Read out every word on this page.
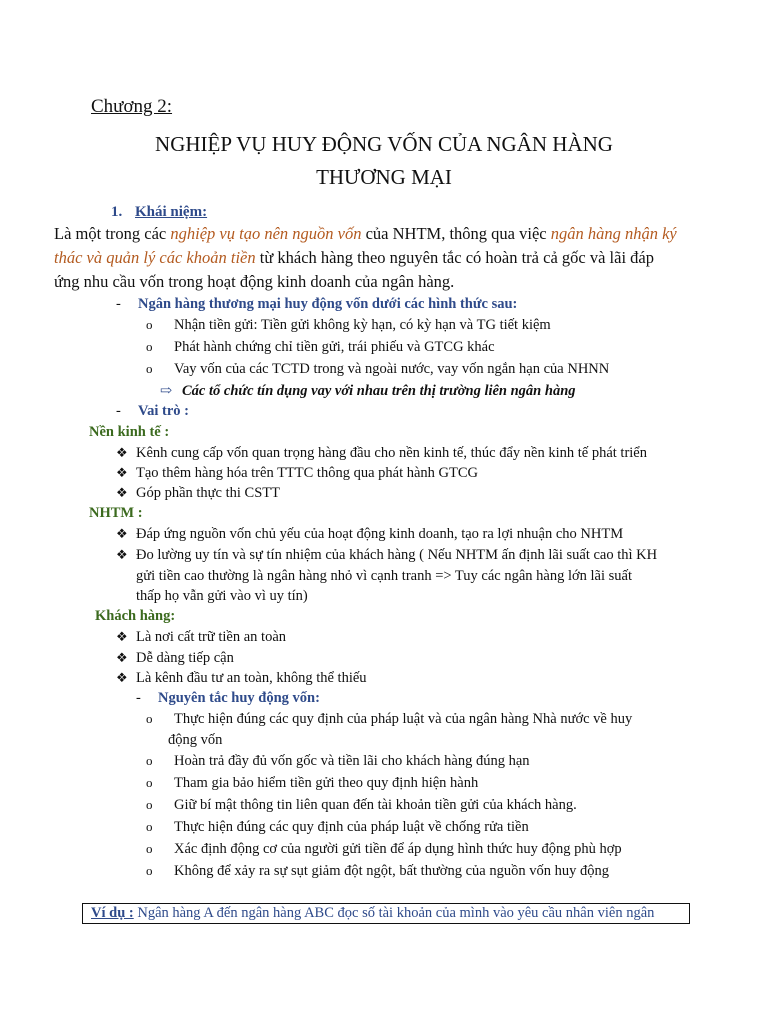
Chương 2:
NGHIỆP VỤ HUY ĐỘNG VỐN CỦA NGÂN HÀNG
THƯƠNG MẠI
1. Khái niệm:
Là một trong các nghiệp vụ tạo nên nguồn vốn của NHTM, thông qua việc ngân hàng nhận ký
thác và quản lý các khoản tiền từ khách hàng theo nguyên tắc có hoàn trả cả gốc và lãi đáp
ứng nhu cầu vốn trong hoạt động kinh doanh của ngân hàng.
- Ngân hàng thương mại huy động vốn dưới các hình thức sau:
o Nhận tiền gửi: Tiền gửi không kỳ hạn, có kỳ hạn và TG tiết kiệm
o Phát hành chứng chỉ tiền gửi, trái phiếu và GTCG khác
o Vay vốn của các TCTD trong và ngoài nước, vay vốn ngắn hạn của NHNN
⇨ Các tổ chức tín dụng vay với nhau trên thị trường liên ngân hàng
- Vai trò :
Nền kinh tế :
❖ Kênh cung cấp vốn quan trọng hàng đầu cho nền kinh tế, thúc đẩy nền kinh tế phát triển
❖ Tạo thêm hàng hóa trên TTTC thông qua phát hành GTCG
❖ Góp phần thực thi CSTT
NHTM :
❖ Đáp ứng nguồn vốn chủ yếu của hoạt động kinh doanh, tạo ra lợi nhuận cho NHTM
❖ Đo lường uy tín và sự tín nhiệm của khách hàng ( Nếu NHTM ấn định lãi suất cao thì KH
gửi tiền cao thường là ngân hàng nhỏ vì cạnh tranh => Tuy các ngân hàng lớn lãi suất
thấp họ vẫn gửi vào vì uy tín)
Khách hàng:
❖ Là nơi cất trữ tiền an toàn
❖ Dễ dàng tiếp cận
❖ Là kênh đầu tư an toàn, không thể thiếu
- Nguyên tắc huy động vốn:
o Thực hiện đúng các quy định của pháp luật và của ngân hàng Nhà nước về huy
động vốn
o Hoàn trả đầy đủ vốn gốc và tiền lãi cho khách hàng đúng hạn
o Tham gia bảo hiểm tiền gửi theo quy định hiện hành
o Giữ bí mật thông tin liên quan đến tài khoản tiền gửi của khách hàng.
o Thực hiện đúng các quy định của pháp luật về chống rửa tiền
o Xác định động cơ của người gửi tiền để áp dụng hình thức huy động phù hợp
o Không để xảy ra sự sụt giảm đột ngột, bất thường của nguồn vốn huy động
Ví dụ : Ngân hàng A đến ngân hàng ABC đọc số tài khoản của mình vào yêu cầu nhân viên ngân
